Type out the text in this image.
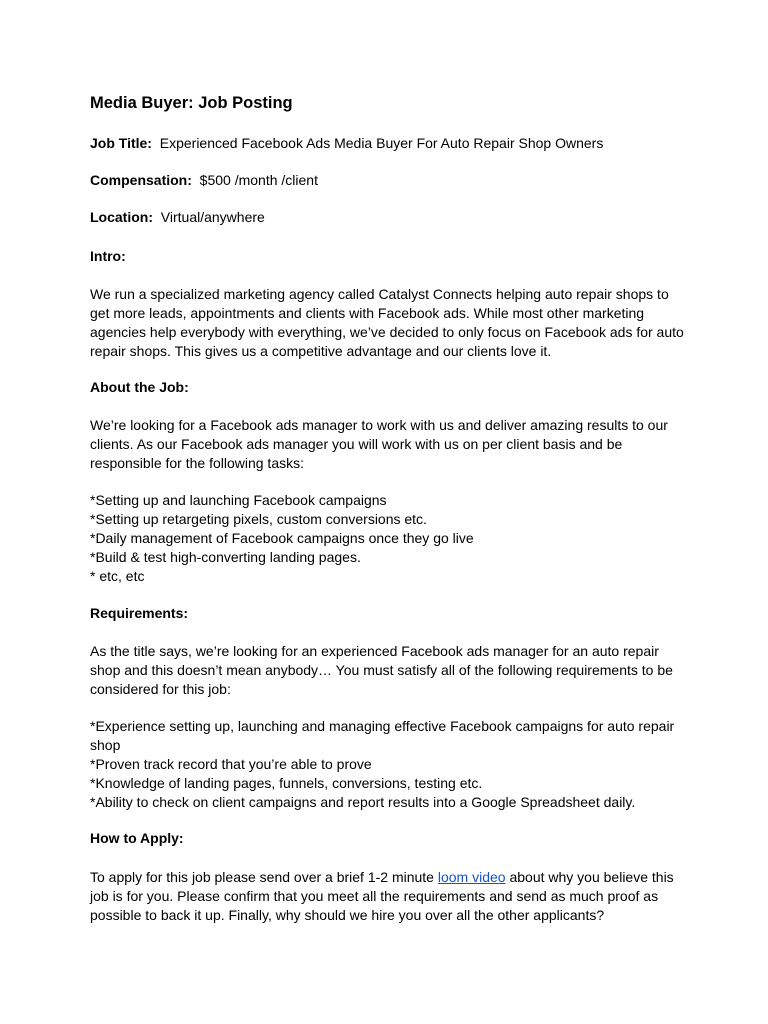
Media Buyer: Job Posting
Job Title: Experienced Facebook Ads Media Buyer For Auto Repair Shop Owners
Compensation: $500 /month /client
Location: Virtual/anywhere
Intro:
We run a specialized marketing agency called Catalyst Connects helping auto repair shops to get more leads, appointments and clients with Facebook ads. While most other marketing agencies help everybody with everything, we’ve decided to only focus on Facebook ads for auto repair shops. This gives us a competitive advantage and our clients love it.
About the Job:
We’re looking for a Facebook ads manager to work with us and deliver amazing results to our clients. As our Facebook ads manager you will work with us on per client basis and be responsible for the following tasks:
*Setting up and launching Facebook campaigns
*Setting up retargeting pixels, custom conversions etc.
*Daily management of Facebook campaigns once they go live
*Build & test high-converting landing pages.
* etc, etc
Requirements:
As the title says, we’re looking for an experienced Facebook ads manager for an auto repair shop and this doesn’t mean anybody… You must satisfy all of the following requirements to be considered for this job:
*Experience setting up, launching and managing effective Facebook campaigns for auto repair shop
*Proven track record that you’re able to prove
*Knowledge of landing pages, funnels, conversions, testing etc.
*Ability to check on client campaigns and report results into a Google Spreadsheet daily.
How to Apply:
To apply for this job please send over a brief 1-2 minute loom video about why you believe this job is for you. Please confirm that you meet all the requirements and send as much proof as possible to back it up. Finally, why should we hire you over all the other applicants?
